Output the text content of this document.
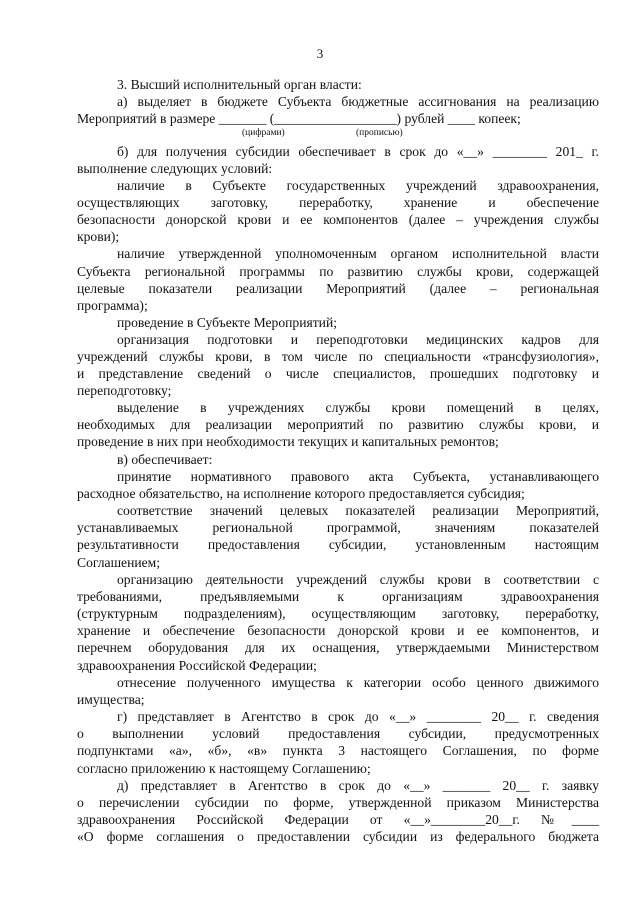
3
3. Высший исполнительный орган власти:
а) выделяет в бюджете Субъекта бюджетные ассигнования на реализацию
Мероприятий в размере _______ (__________________) рублей ____ копеек;
(цифрами)	(прописью)
б) для получения субсидии обеспечивает в срок до «__» ________ 201_ г.
выполнение следующих условий:
наличие в Субъекте государственных учреждений здравоохранения,
осуществляющих заготовку, переработку, хранение и обеспечение
безопасности донорской крови и ее компонентов (далее – учреждения службы
крови);
наличие утвержденной уполномоченным органом исполнительной власти
Субъекта региональной программы по развитию службы крови, содержащей
целевые показатели реализации Мероприятий (далее – региональная
программа);
проведение в Субъекте Мероприятий;
организация подготовки и переподготовки медицинских кадров для
учреждений службы крови, в том числе по специальности «трансфузиология»,
и представление сведений о числе специалистов, прошедших подготовку и
переподготовку;
выделение в учреждениях службы крови помещений в целях,
необходимых для реализации мероприятий по развитию службы крови, и
проведение в них при необходимости текущих и капитальных ремонтов;
в) обеспечивает:
принятие нормативного правового акта Субъекта, устанавливающего
расходное обязательство, на исполнение которого предоставляется субсидия;
соответствие значений целевых показателей реализации Мероприятий,
устанавливаемых региональной программой, значениям показателей
результативности предоставления субсидии, установленным настоящим
Соглашением;
организацию деятельности учреждений службы крови в соответствии с
требованиями, предъявляемыми к организациям здравоохранения
(структурным подразделениям), осуществляющим заготовку, переработку,
хранение и обеспечение безопасности донорской крови и ее компонентов, и
перечнем оборудования для их оснащения, утверждаемыми Министерством
здравоохранения Российской Федерации;
отнесение полученного имущества к категории особо ценного движимого
имущества;
г) представляет в Агентство в срок до «__» ________ 20__ г. сведения
о выполнении условий предоставления субсидии, предусмотренных
подпунктами «а», «б», «в» пункта 3 настоящего Соглашения, по форме
согласно приложению к настоящему Соглашению;
д) представляет в Агентство в срок до «__» _______ 20__ г. заявку
о перечислении субсидии по форме, утвержденной приказом Министерства
здравоохранения Российской Федерации от «__»________20__г. №____
«О форме соглашения о предоставлении субсидии из федерального бюджета
